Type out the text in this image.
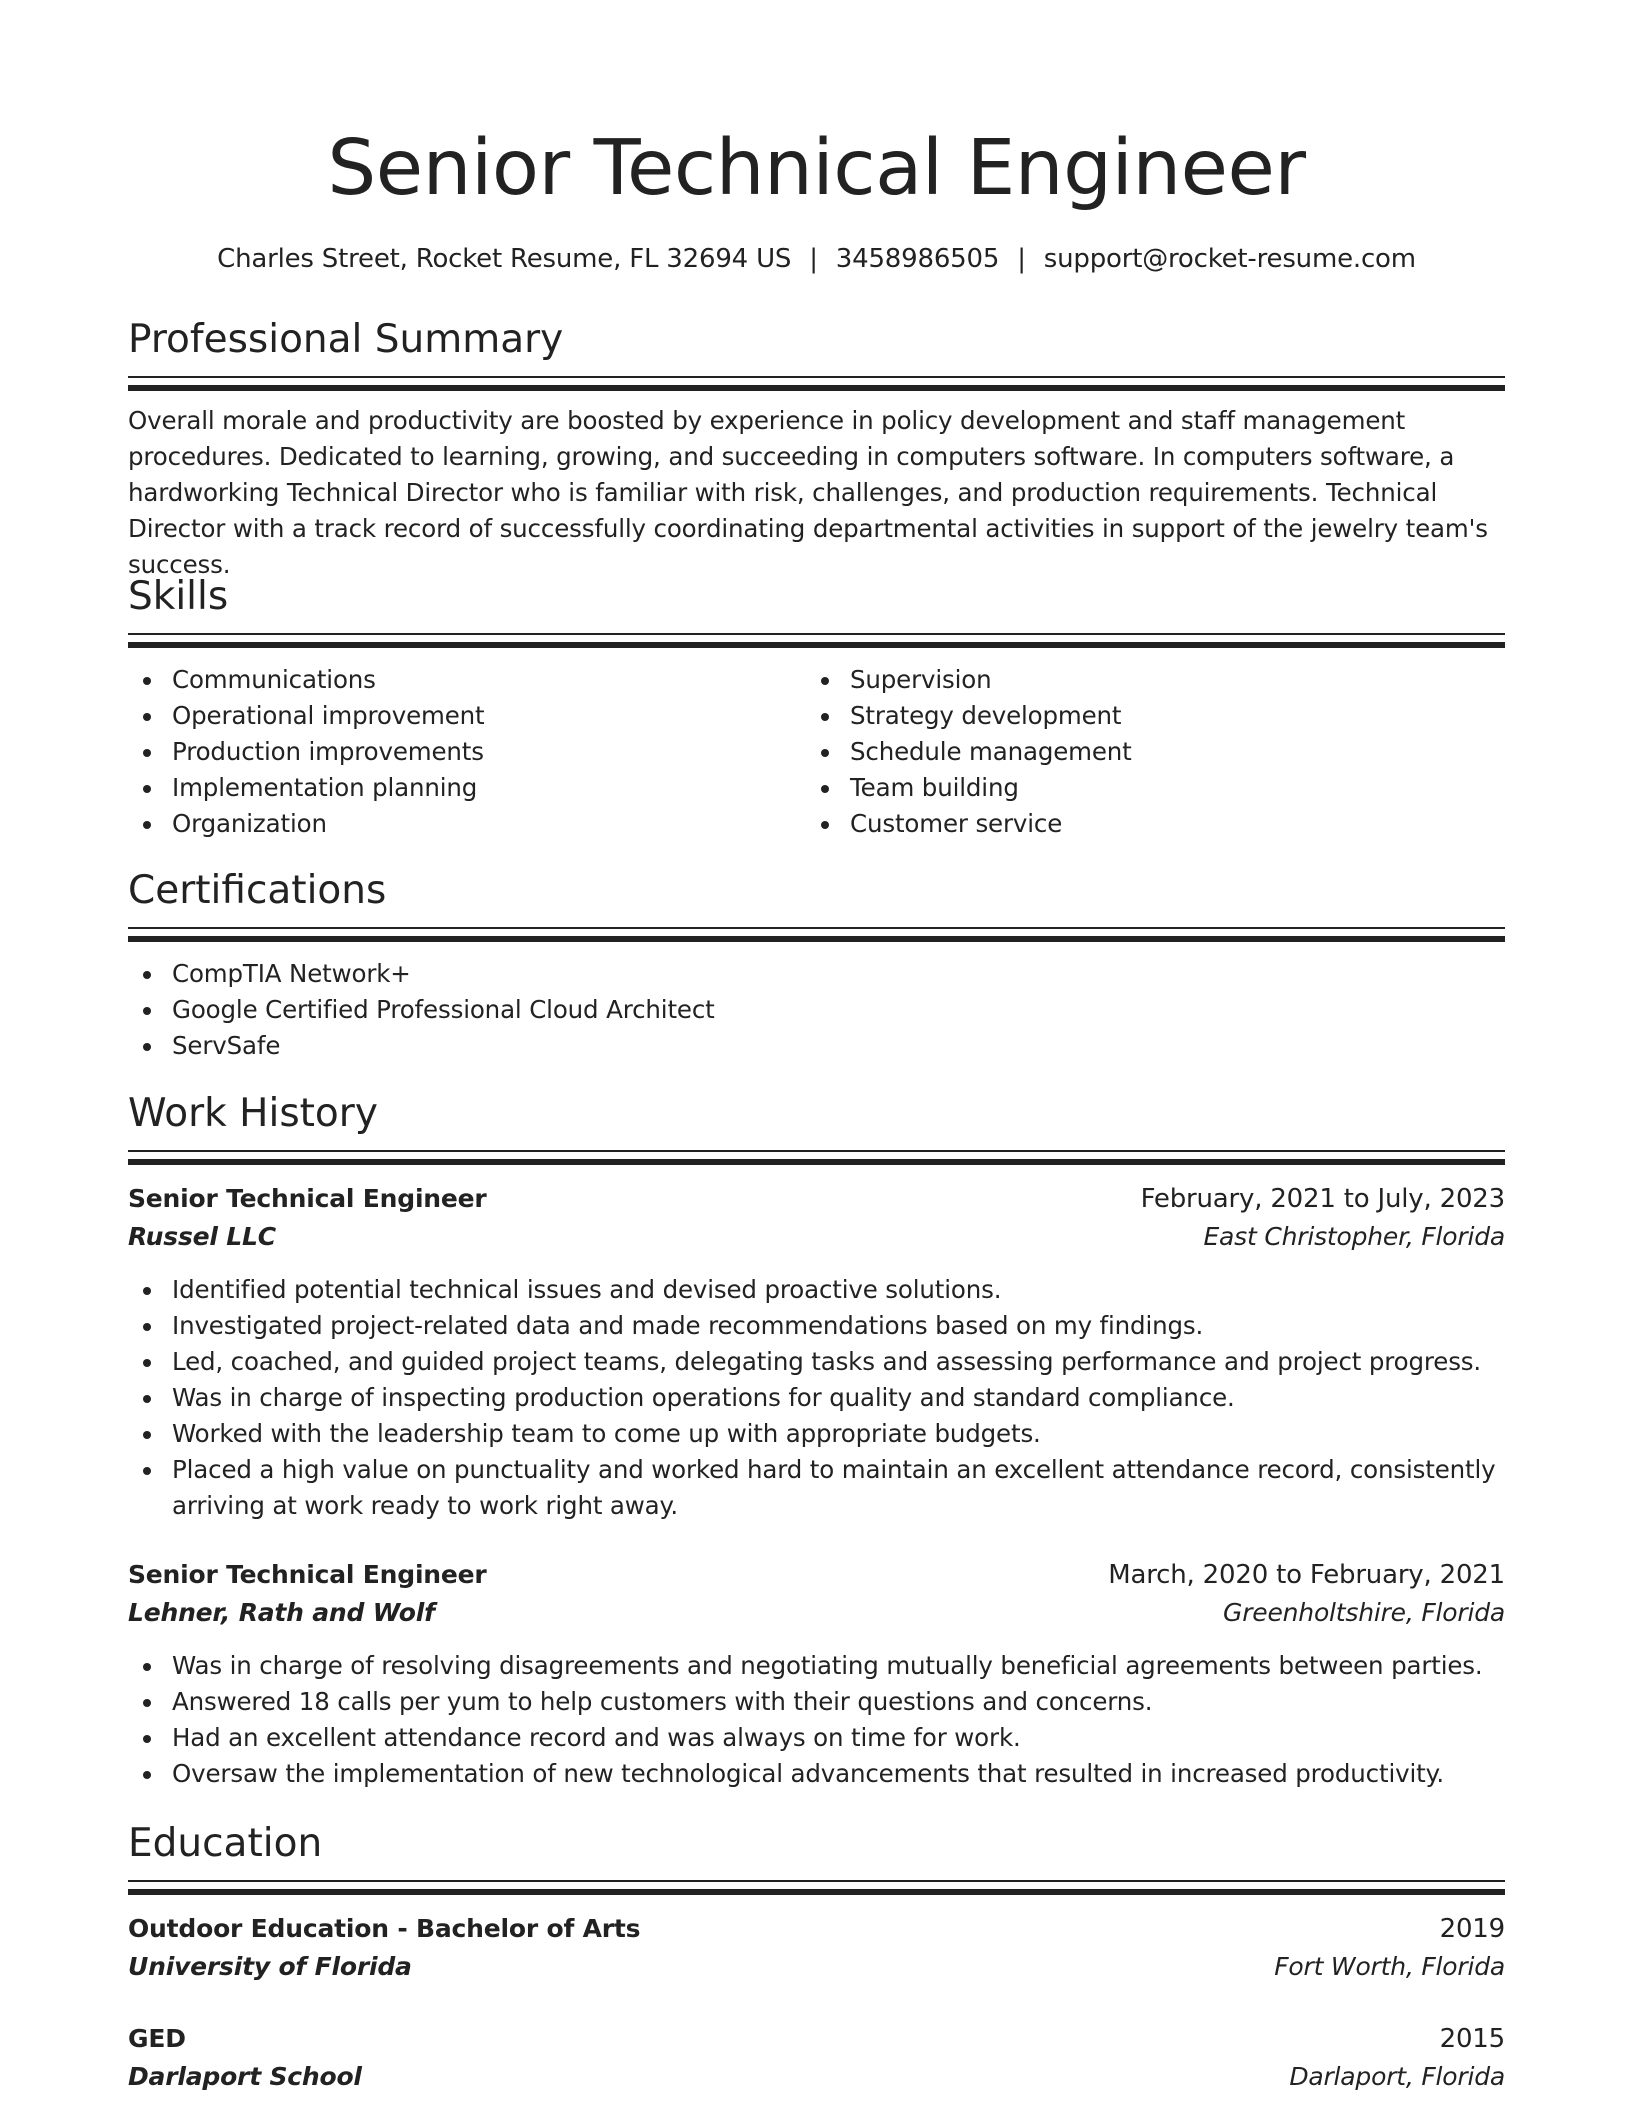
Senior Technical Engineer
Charles Street, Rocket Resume, FL 32694 US | 3458986505 | support@rocket-resume.com
Professional Summary

Overall morale and productivity are boosted by experience in policy development and staff management procedures. Dedicated to learning, growing, and succeeding in computers software. In computers software, a hardworking Technical Director who is familiar with risk, challenges, and production requirements. Technical Director with a track record of successfully coordinating departmental activities in support of the jewelry team's success.

Skills
Communications
Operational improvement
Production improvements
Implementation planning
Organization
Supervision
Strategy development
Schedule management
Team building
Customer service
Certifications
CompTIA Network+
Google Certified Professional Cloud Architect
ServSafe
Work History
Senior Technical Engineer	February, 2021 to July, 2023
Russel LLC	East Christopher, Florida
Identified potential technical issues and devised proactive solutions.
Investigated project-related data and made recommendations based on my findings.
Led, coached, and guided project teams, delegating tasks and assessing performance and project progress.
Was in charge of inspecting production operations for quality and standard compliance.
Worked with the leadership team to come up with appropriate budgets.
Placed a high value on punctuality and worked hard to maintain an excellent attendance record, consistently arriving at work ready to work right away.
Senior Technical Engineer	March, 2020 to February, 2021
Lehner, Rath and Wolf	Greenholtshire, Florida
Was in charge of resolving disagreements and negotiating mutually beneficial agreements between parties.
Answered 18 calls per yum to help customers with their questions and concerns.
Had an excellent attendance record and was always on time for work.
Oversaw the implementation of new technological advancements that resulted in increased productivity.
Education
Outdoor Education - Bachelor of Arts	2019
University of Florida	Fort Worth, Florida
GED	2015
Darlaport School	Darlaport, Florida
